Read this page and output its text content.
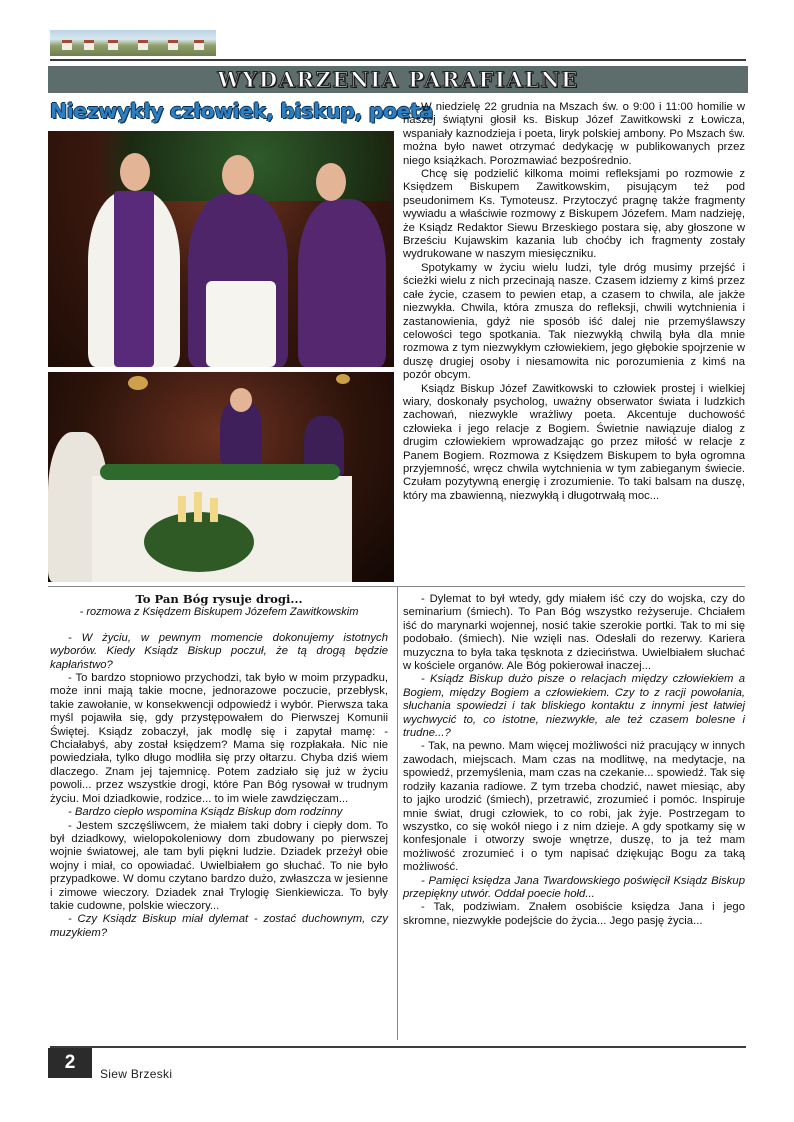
WYDARZENIA PARAFIALNE
Niezwykły człowiek, biskup, poeta

W niedzielę 22 grudnia na Mszach św. o 9:00 i 11:00 homilie w naszej świątyni głosił ks. Biskup Józef Zawitkowski z Łowicza, wspaniały kaznodzieja i poeta, liryk polskiej ambony. Po Mszach św. można było nawet otrzymać dedykację w publikowanych przez niego książkach. Porozmawiać bezpośrednio.

Chcę się podzielić kilkoma moimi refleksjami po rozmowie z Księdzem Biskupem Zawitkowskim, pisującym też pod pseudonimem Ks. Tymoteusz. Przytoczyć pragnę także fragmenty wywiadu a właściwie rozmowy z Biskupem Józefem. Mam nadzieję, że Ksiądz Redaktor Siewu Brzeskiego postara się, aby głoszone w Brześciu Kujawskim kazania lub choćby ich fragmenty zostały wydrukowane w naszym miesięczniku.

Spotykamy w życiu wielu ludzi, tyle dróg musimy przejść i ścieżki wielu z nich przecinają nasze. Czasem idziemy z kimś przez całe życie, czasem to pewien etap, a czasem to chwila, ale jakże niezwykła. Chwila, która zmusza do refleksji, chwili wytchnienia i zastanowienia, gdyż nie sposób iść dalej nie przemyślawszy celowości tego spotkania. Tak niezwykłą chwilą była dla mnie rozmowa z tym niezwykłym człowiekiem, jego głębokie spojrzenie w duszę drugiej osoby i niesamowita nic porozumienia z kimś na pozór obcym.

Ksiądz Biskup Józef Zawitkowski to człowiek prostej i wielkiej wiary, doskonały psycholog, uważny obserwator świata i ludzkich zachowań, niezwykle wrażliwy poeta. Akcentuje duchowość człowieka i jego relacje z Bogiem. Świetnie nawiązuje dialog z drugim człowiekiem wprowadzając go przez miłość w relacje z Panem Bogiem. Rozmowa z Księdzem Biskupem to była ogromna przyjemność, wręcz chwila wytchnienia w tym zabieganym świecie. Czułam pozytywną energię i zrozumienie. To taki balsam na duszę, który ma zbawienną, niezwykłą i długotrwałą moc...

To Pan Bóg rysuje drogi...

- rozmowa z Księdzem Biskupem Józefem Zawitkowskim

- W życiu, w pewnym momencie dokonujemy istotnych wyborów. Kiedy Ksiądz Biskup poczuł, że tą drogą będzie kapłaństwo?

- To bardzo stopniowo przychodzi, tak było w moim przypadku, może inni mają takie mocne, jednorazowe poczucie, przebłysk, takie zawołanie, w konsekwencji odpowiedź i wybór. Pierwsza taka myśl pojawiła się, gdy przystępowałem do Pierwszej Komunii Świętej. Ksiądz zobaczył, jak modlę się i zapytał mamę: - Chciałabyś, aby został księdzem? Mama się rozpłakała. Nic nie powiedziała, tylko długo modliła się przy ołtarzu. Chyba dziś wiem dlaczego. Znam jej tajemnicę. Potem zadziało się już w życiu powoli... przez wszystkie drogi, które Pan Bóg rysował w trudnym życiu. Moi dziadkowie, rodzice... to im wiele zawdzięczam...

- Bardzo ciepło wspomina Ksiądz Biskup dom rodzinny

- Jestem szczęśliwcem, że miałem taki dobry i ciepły dom. To był dziadkowy, wielopokoleniowy dom zbudowany po pierwszej wojnie światowej, ale tam byli piękni ludzie. Dziadek przeżył obie wojny i miał, co opowiadać. Uwielbiałem go słuchać. To nie było przypadkowe. W domu czytano bardzo dużo, zwłaszcza w jesienne i zimowe wieczory. Dziadek znał Trylogię Sienkiewicza. To były takie cudowne, polskie wieczory...

- Czy Ksiądz Biskup miał dylemat - zostać duchownym, czy muzykiem?

- Dylemat to był wtedy, gdy miałem iść czy do wojska, czy do seminarium (śmiech). To Pan Bóg wszystko reżyseruje. Chciałem iść do marynarki wojennej, nosić takie szerokie portki. Tak to mi się podobało. (śmiech). Nie wzięli nas. Odesłali do rezerwy. Kariera muzyczna to była taka tęsknota z dzieciństwa. Uwielbiałem słuchać w kościele organów. Ale Bóg pokierował inaczej...

- Ksiądz Biskup dużo pisze o relacjach między człowiekiem a Bogiem, między Bogiem a człowiekiem. Czy to z racji powołania, słuchania spowiedzi i tak bliskiego kontaktu z innymi jest łatwiej wychwycić to, co istotne, niezwykłe, ale też czasem bolesne i trudne...?

- Tak, na pewno. Mam więcej możliwości niż pracujący w innych zawodach, miejscach. Mam czas na modlitwę, na medytacje, na spowiedź, przemyślenia, mam czas na czekanie... spowiedź. Tak się rodziły kazania radiowe. Z tym trzeba chodzić, nawet miesiąc, aby to jajko urodzić (śmiech), przetrawić, zrozumieć i pomóc. Inspiruje mnie świat, drugi człowiek, to co robi, jak żyje. Postrzegam to wszystko, co się wokół niego i z nim dzieje. A gdy spotkamy się w konfesjonale i otworzy swoje wnętrze, duszę, to ja też mam możliwość zrozumieć i o tym napisać dziękując Bogu za taką możliwość.

- Pamięci księdza Jana Twardowskiego poświęcił Ksiądz Biskup przepiękny utwór. Oddał poecie hołd...

- Tak, podziwiam. Znałem osobiście księdza Jana i jego skromne, niezwykłe podejście do życia... Jego pasję życia...

2
Siew Brzeski
